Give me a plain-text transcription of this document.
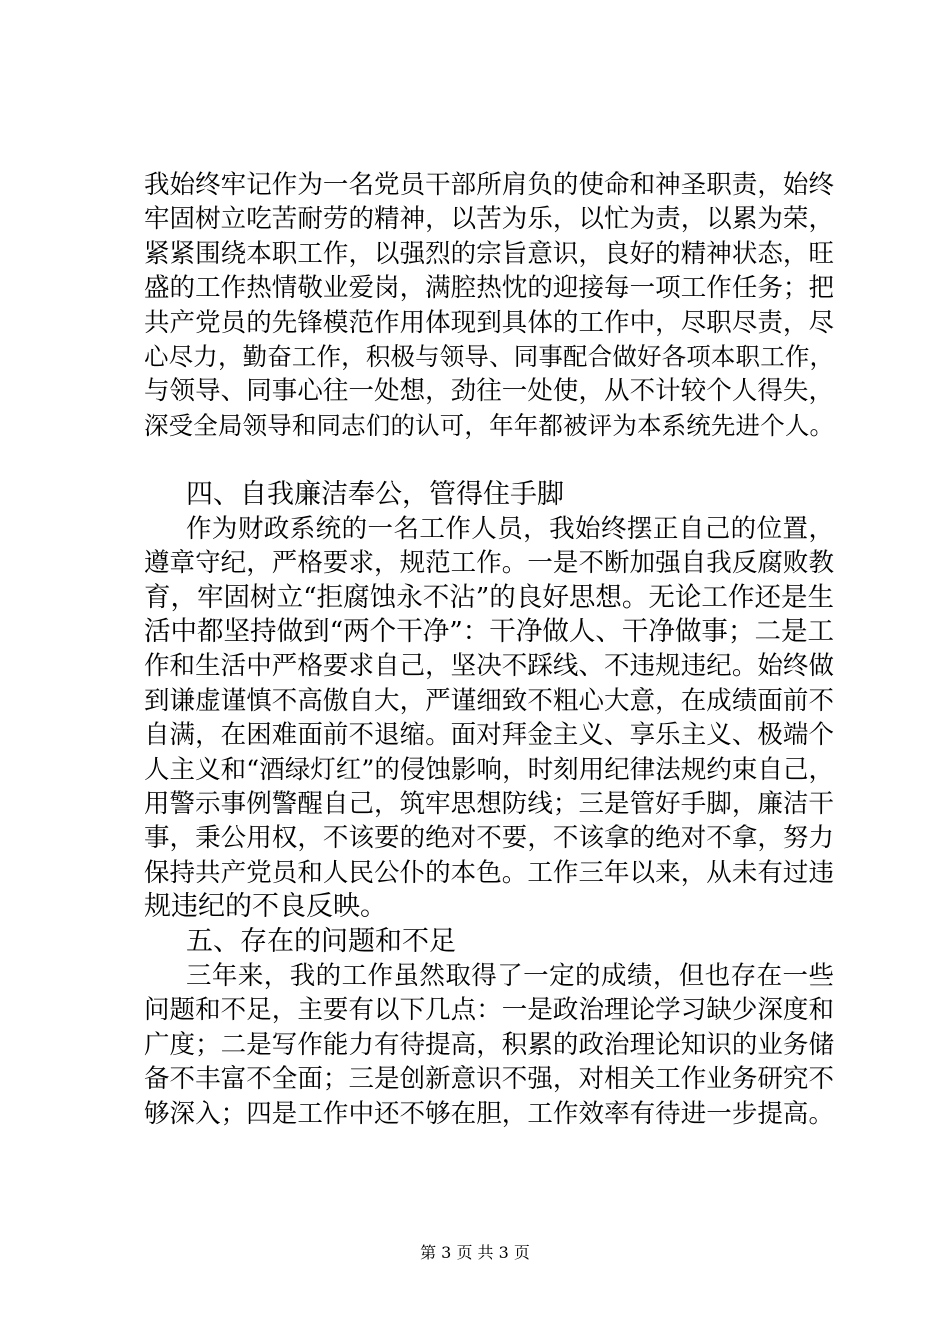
我始终牢记作为一名党员干部所肩负的使命和神圣职责，始终
牢固树立吃苦耐劳的精神，以苦为乐，以忙为责，以累为荣，
紧紧围绕本职工作，以强烈的宗旨意识，良好的精神状态，旺
盛的工作热情敬业爱岗，满腔热忱的迎接每一项工作任务；把
共产党员的先锋模范作用体现到具体的工作中，尽职尽责，尽
心尽力，勤奋工作，积极与领导、同事配合做好各项本职工作，
与领导、同事心往一处想，劲往一处使，从不计较个人得失，
深受全局领导和同志们的认可，年年都被评为本系统先进个人。
四、自我廉洁奉公，管得住手脚
作为财政系统的一名工作人员，我始终摆正自己的位置，
遵章守纪，严格要求，规范工作。一是不断加强自我反腐败教
育，牢固树立“拒腐蚀永不沾”的良好思想。无论工作还是生
活中都坚持做到“两个干净”：干净做人、干净做事；二是工
作和生活中严格要求自己，坚决不踩线、不违规违纪。始终做
到谦虚谨慎不高傲自大，严谨细致不粗心大意，在成绩面前不
自满，在困难面前不退缩。面对拜金主义、享乐主义、极端个
人主义和“酒绿灯红”的侵蚀影响，时刻用纪律法规约束自己，
用警示事例警醒自己，筑牢思想防线；三是管好手脚，廉洁干
事，秉公用权，不该要的绝对不要，不该拿的绝对不拿，努力
保持共产党员和人民公仆的本色。工作三年以来，从未有过违
规违纪的不良反映。
五、存在的问题和不足
三年来，我的工作虽然取得了一定的成绩，但也存在一些
问题和不足，主要有以下几点：一是政治理论学习缺少深度和
广度；二是写作能力有待提高，积累的政治理论知识的业务储
备不丰富不全面；三是创新意识不强，对相关工作业务研究不
够深入；四是工作中还不够在胆，工作效率有待进一步提高。
第 3 页 共 3 页
